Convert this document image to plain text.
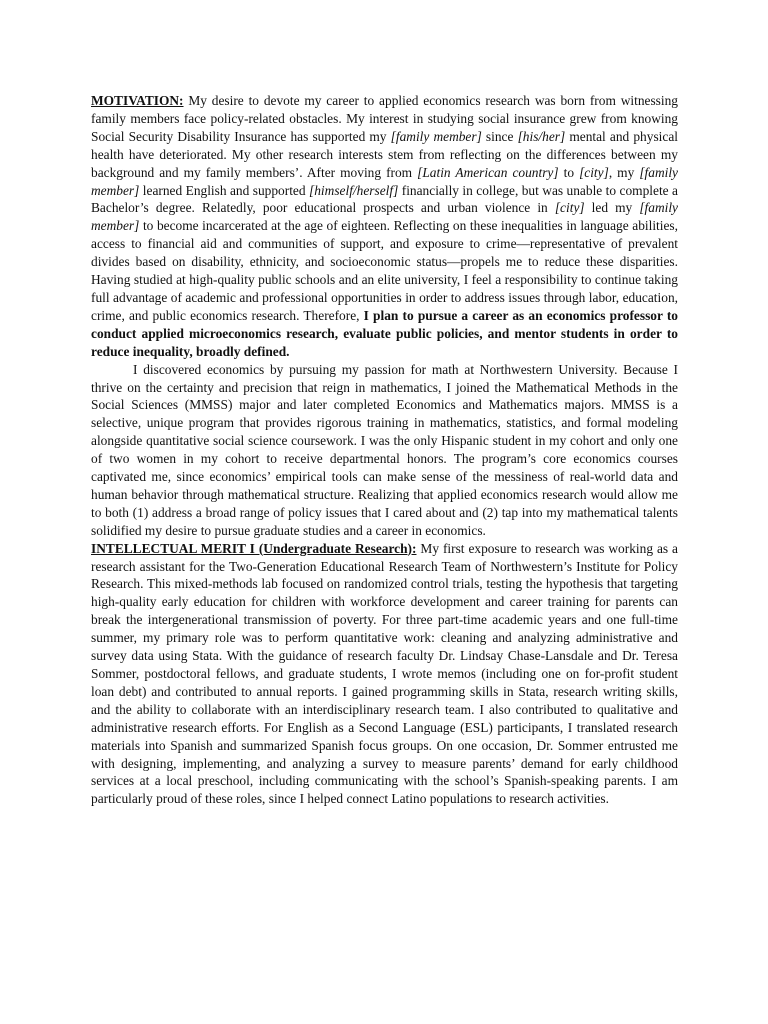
MOTIVATION: My desire to devote my career to applied economics research was born from witnessing family members face policy-related obstacles. My interest in studying social insurance grew from knowing Social Security Disability Insurance has supported my [family member] since [his/her] mental and physical health have deteriorated. My other research interests stem from reflecting on the differences between my background and my family members’. After moving from [Latin American country] to [city], my [family member] learned English and supported [himself/herself] financially in college, but was unable to complete a Bachelor’s degree. Relatedly, poor educational prospects and urban violence in [city] led my [family member] to become incarcerated at the age of eighteen. Reflecting on these inequalities in language abilities, access to financial aid and communities of support, and exposure to crime—representative of prevalent divides based on disability, ethnicity, and socioeconomic status—propels me to reduce these disparities. Having studied at high-quality public schools and an elite university, I feel a responsibility to continue taking full advantage of academic and professional opportunities in order to address issues through labor, education, crime, and public economics research. Therefore, I plan to pursue a career as an economics professor to conduct applied microeconomics research, evaluate public policies, and mentor students in order to reduce inequality, broadly defined.

I discovered economics by pursuing my passion for math at Northwestern University. Because I thrive on the certainty and precision that reign in mathematics, I joined the Mathematical Methods in the Social Sciences (MMSS) major and later completed Economics and Mathematics majors. MMSS is a selective, unique program that provides rigorous training in mathematics, statistics, and formal modeling alongside quantitative social science coursework. I was the only Hispanic student in my cohort and only one of two women in my cohort to receive departmental honors. The program’s core economics courses captivated me, since economics’ empirical tools can make sense of the messiness of real-world data and human behavior through mathematical structure. Realizing that applied economics research would allow me to both (1) address a broad range of policy issues that I cared about and (2) tap into my mathematical talents solidified my desire to pursue graduate studies and a career in economics.

INTELLECTUAL MERIT I (Undergraduate Research): My first exposure to research was working as a research assistant for the Two-Generation Educational Research Team of Northwestern’s Institute for Policy Research. This mixed-methods lab focused on randomized control trials, testing the hypothesis that targeting high-quality early education for children with workforce development and career training for parents can break the intergenerational transmission of poverty. For three part-time academic years and one full-time summer, my primary role was to perform quantitative work: cleaning and analyzing administrative and survey data using Stata. With the guidance of research faculty Dr. Lindsay Chase-Lansdale and Dr. Teresa Sommer, postdoctoral fellows, and graduate students, I wrote memos (including one on for-profit student loan debt) and contributed to annual reports. I gained programming skills in Stata, research writing skills, and the ability to collaborate with an interdisciplinary research team. I also contributed to qualitative and administrative research efforts. For English as a Second Language (ESL) participants, I translated research materials into Spanish and summarized Spanish focus groups. On one occasion, Dr. Sommer entrusted me with designing, implementing, and analyzing a survey to measure parents’ demand for early childhood services at a local preschool, including communicating with the school’s Spanish-speaking parents. I am particularly proud of these roles, since I helped connect Latino populations to research activities.
